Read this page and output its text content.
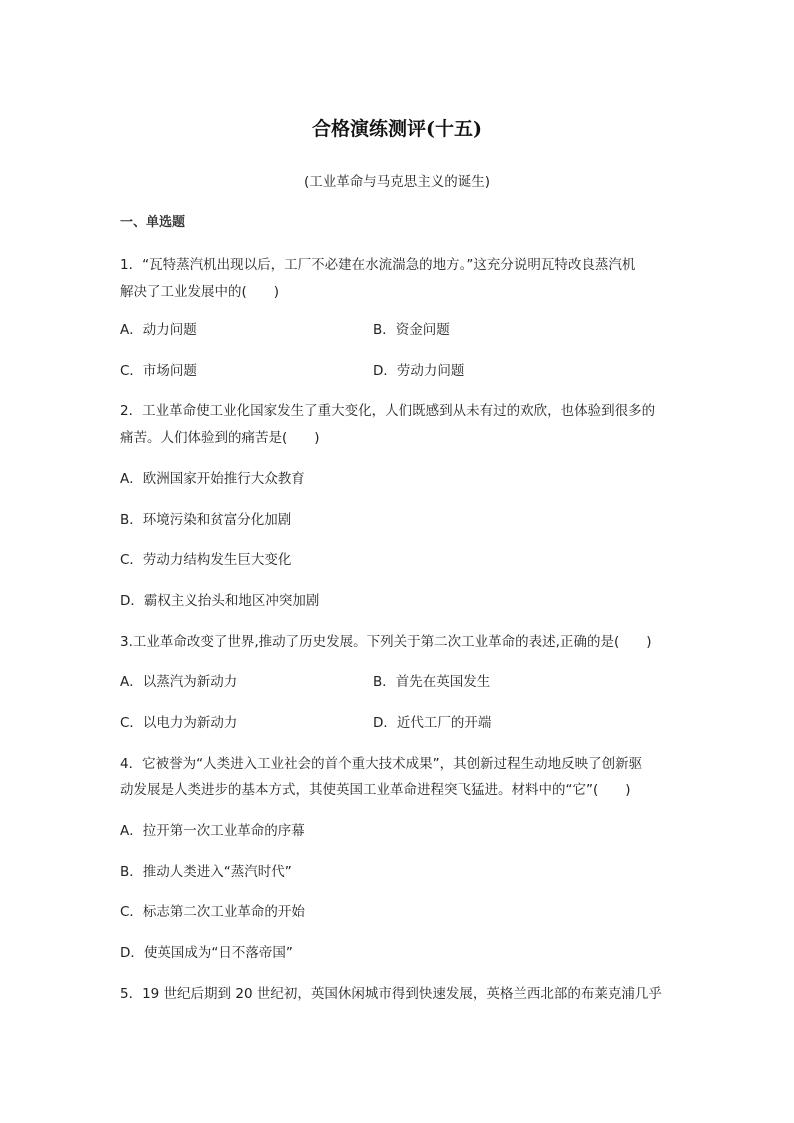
合格演练测评(十五)
(工业革命与马克思主义的诞生)
一、单选题
1．“瓦特蒸汽机出现以后，工厂不必建在水流湍急的地方。”这充分说明瓦特改良蒸汽机
解决了工业发展中的(　　)
A．动力问题	B．资金问题
C．市场问题	D．劳动力问题
2．工业革命使工业化国家发生了重大变化，人们既感到从未有过的欢欣，也体验到很多的
痛苦。人们体验到的痛苦是(　　)
A．欧洲国家开始推行大众教育
B．环境污染和贫富分化加剧
C．劳动力结构发生巨大变化
D．霸权主义抬头和地区冲突加剧
3.工业革命改变了世界,推动了历史发展。下列关于第二次工业革命的表述,正确的是(　　)
A．以蒸汽为新动力	B．首先在英国发生
C．以电力为新动力	D．近代工厂的开端
4．它被誉为“人类进入工业社会的首个重大技术成果”，其创新过程生动地反映了创新驱
动发展是人类进步的基本方式，其使英国工业革命进程突飞猛进。材料中的“它”(　　)
A．拉开第一次工业革命的序幕
B．推动人类进入“蒸汽时代”
C．标志第二次工业革命的开始
D．使英国成为“日不落帝国”
5．19 世纪后期到 20 世纪初，英国休闲城市得到快速发展，英格兰西北部的布莱克浦几乎
